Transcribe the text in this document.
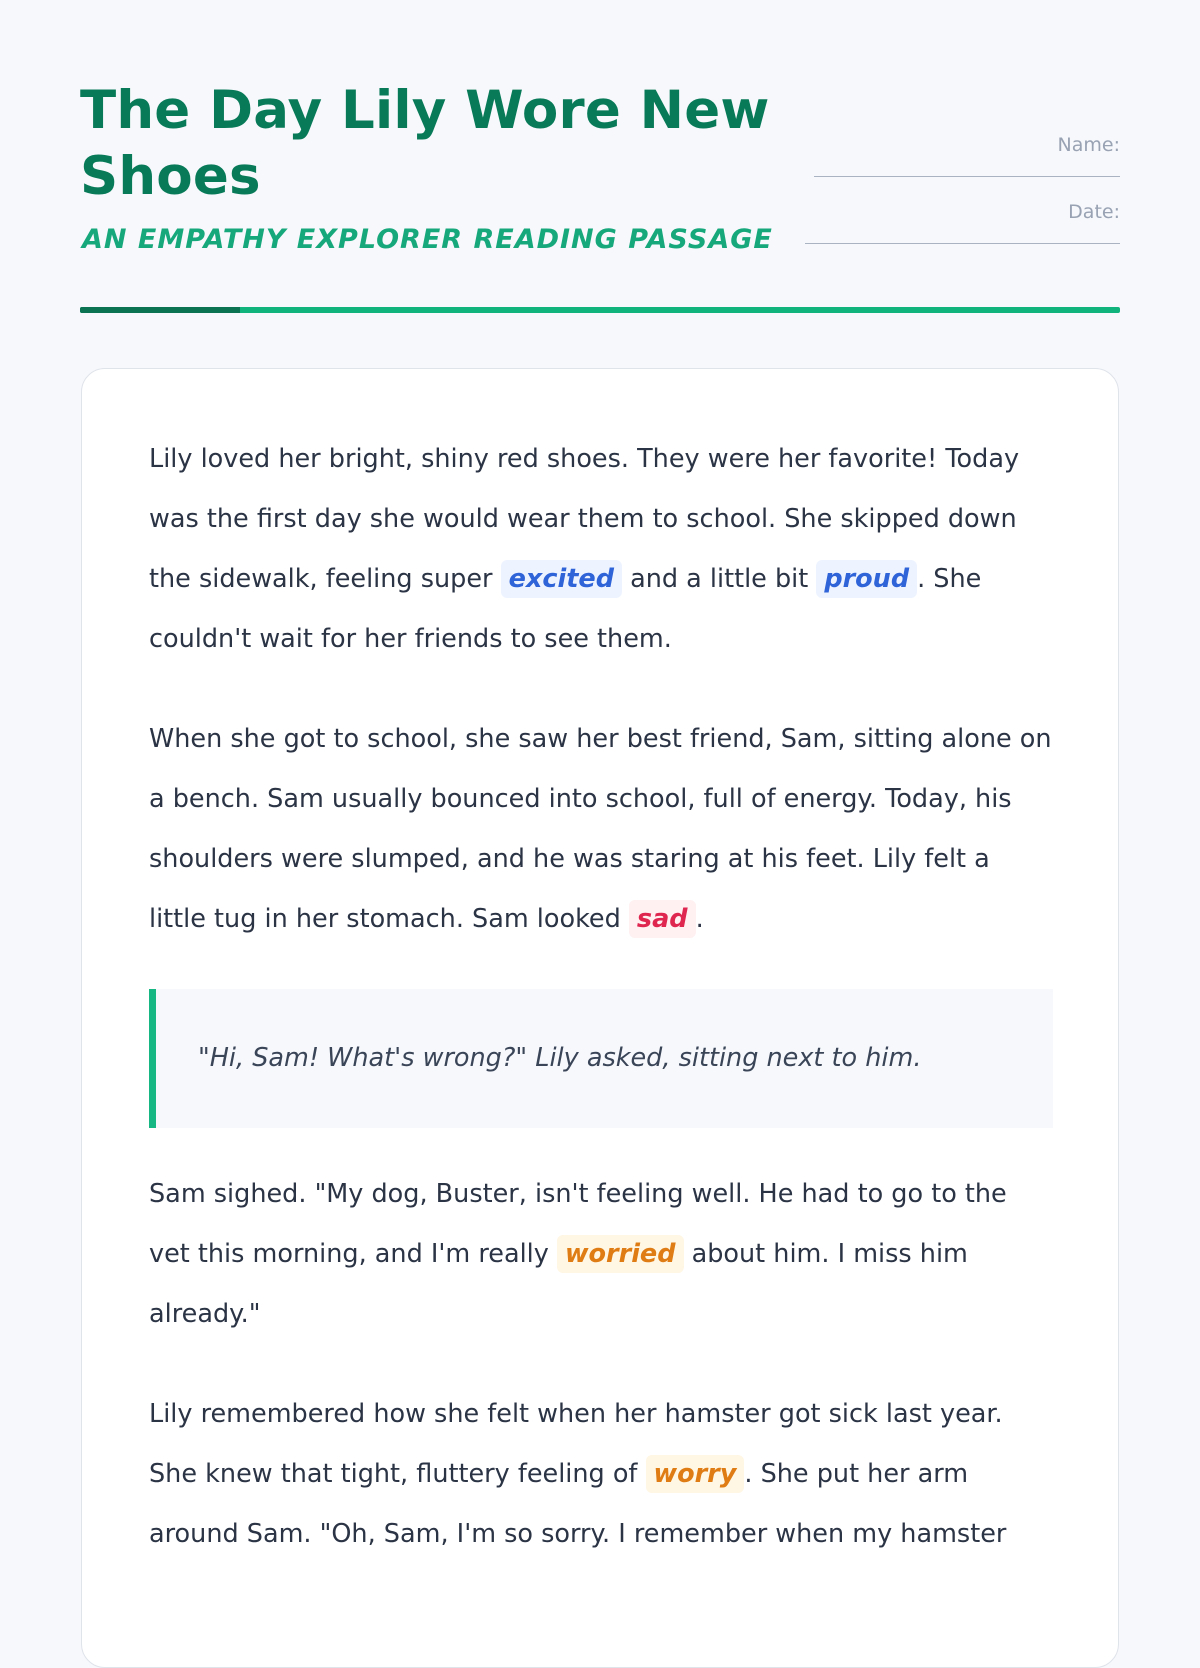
The Day Lily Wore New Shoes

AN EMPATHY EXPLORER READING PASSAGE

Name:
Date:

Lily loved her bright, shiny red shoes. They were her favorite! Today was the first day she would wear them to school. She skipped down the sidewalk, feeling super excited and a little bit proud . She couldn't wait for her friends to see them.

When she got to school, she saw her best friend, Sam, sitting alone on a bench. Sam usually bounced into school, full of energy. Today, his shoulders were slumped, and he was staring at his feet. Lily felt a little tug in her stomach. Sam looked sad .

"Hi, Sam! What's wrong?" Lily asked, sitting next to him.

Sam sighed. "My dog, Buster, isn't feeling well. He had to go to the vet this morning, and I'm really worried about him. I miss him already."

Lily remembered how she felt when her hamster got sick last year. She knew that tight, fluttery feeling of worry . She put her arm around Sam. "Oh, Sam, I'm so sorry. I remember when my hamster
